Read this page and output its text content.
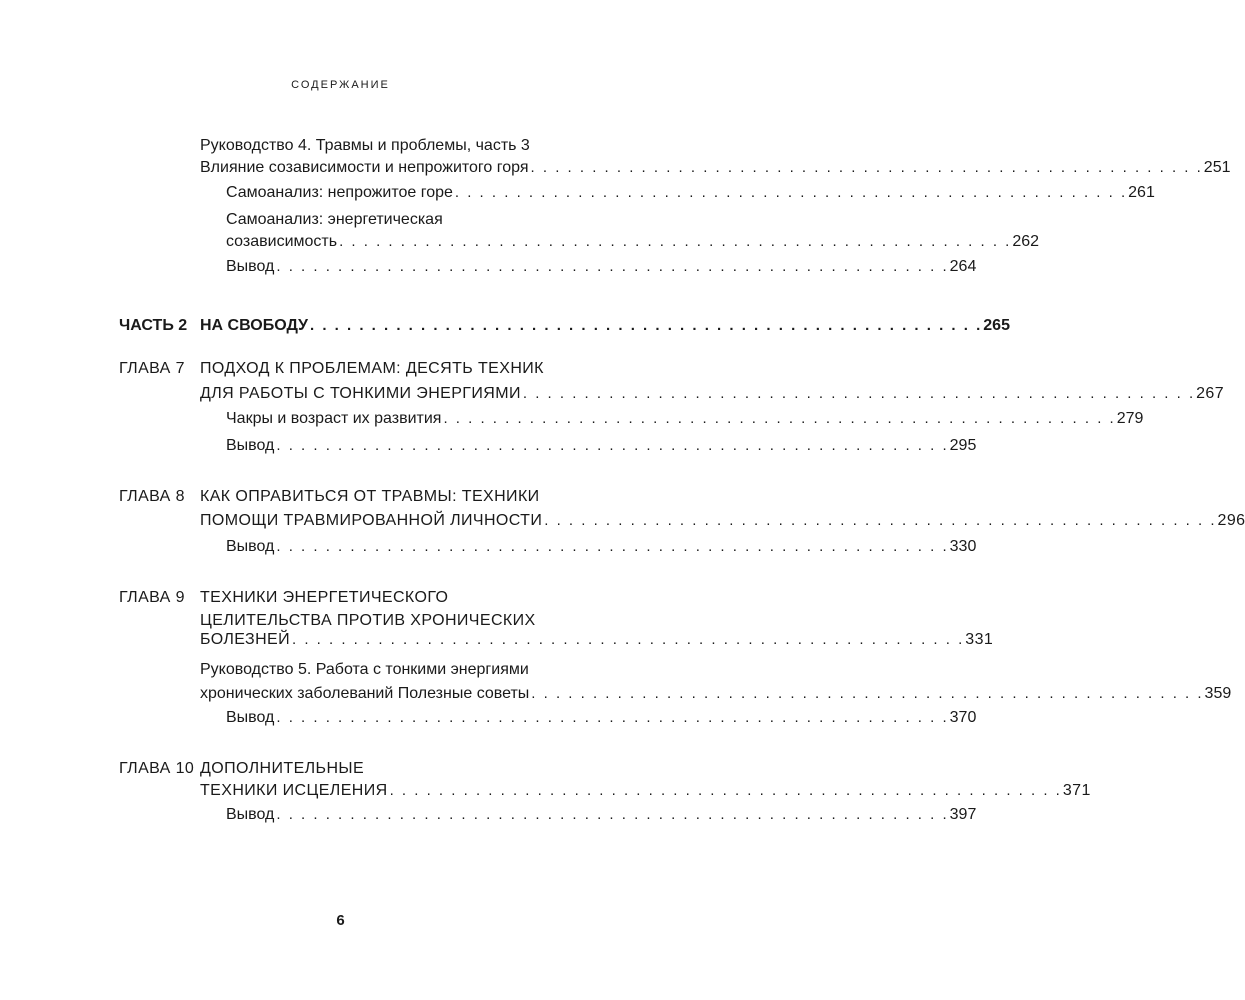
СОДЕРЖАНИЕ
Руководство 4. Травмы и проблемы, часть 3
Влияние созависимости и непрожитого горя . . . . . . . . . . . . . . . . . . . . . . . . . . . . . . . . . . . . . . . . . . . . . . . . . . . . . . . 251
Самоанализ: непрожитое горе . . . . . . . . . . . . . . . . . . . . . . . . . . . . . . . . . . . . . . . . . . . . . . . . . . . . . . . 261
Самоанализ: энергетическая
созависимость . . . . . . . . . . . . . . . . . . . . . . . . . . . . . . . . . . . . . . . . . . . . . . . . . . . . . . . 262
Вывод . . . . . . . . . . . . . . . . . . . . . . . . . . . . . . . . . . . . . . . . . . . . . . . . . . . . . . . 264
ЧАСТЬ 2 НА СВОБОДУ . . . . . . . . . . . . . . . . . . . . . . . . . . . . . . . . . . . . . . . . . . . . . . . . . . . . . . . 265
ГЛАВА 7 ПОДХОД К ПРОБЛЕМАМ: ДЕСЯТЬ ТЕХНИК
ДЛЯ РАБОТЫ С ТОНКИМИ ЭНЕРГИЯМИ . . . . . . . . . . . . . . . . . . . . . . . . . . . . . . . . . . . . . . . . . . . . . . . . . . . . . . . 267
Чакры и возраст их развития . . . . . . . . . . . . . . . . . . . . . . . . . . . . . . . . . . . . . . . . . . . . . . . . . . . . . . . 279
Вывод . . . . . . . . . . . . . . . . . . . . . . . . . . . . . . . . . . . . . . . . . . . . . . . . . . . . . . . 295
ГЛАВА 8 КАК ОПРАВИТЬСЯ ОТ ТРАВМЫ: ТЕХНИКИ
ПОМОЩИ ТРАВМИРОВАННОЙ ЛИЧНОСТИ . . . . . . . . . . . . . . . . . . . . . . . . . . . . . . . . . . . . . . . . . . . . . . . . . . . . . . . 296
Вывод . . . . . . . . . . . . . . . . . . . . . . . . . . . . . . . . . . . . . . . . . . . . . . . . . . . . . . . 330
ГЛАВА 9 ТЕХНИКИ ЭНЕРГЕТИЧЕСКОГО
ЦЕЛИТЕЛЬСТВА ПРОТИВ ХРОНИЧЕСКИХ
БОЛЕЗНЕЙ . . . . . . . . . . . . . . . . . . . . . . . . . . . . . . . . . . . . . . . . . . . . . . . . . . . . . . . 331
Руководство 5. Работа с тонкими энергиями
хронических заболеваний Полезные советы . . . . . . . . . . . . . . . . . . . . . . . . . . . . . . . . . . . . . . . . . . . . . . . . . . . . . . . 359
Вывод . . . . . . . . . . . . . . . . . . . . . . . . . . . . . . . . . . . . . . . . . . . . . . . . . . . . . . . 370
ГЛАВА 10 ДОПОЛНИТЕЛЬНЫЕ
ТЕХНИКИ ИСЦЕЛЕНИЯ . . . . . . . . . . . . . . . . . . . . . . . . . . . . . . . . . . . . . . . . . . . . . . . . . . . . . . . 371
Вывод . . . . . . . . . . . . . . . . . . . . . . . . . . . . . . . . . . . . . . . . . . . . . . . . . . . . . . . 397
6
